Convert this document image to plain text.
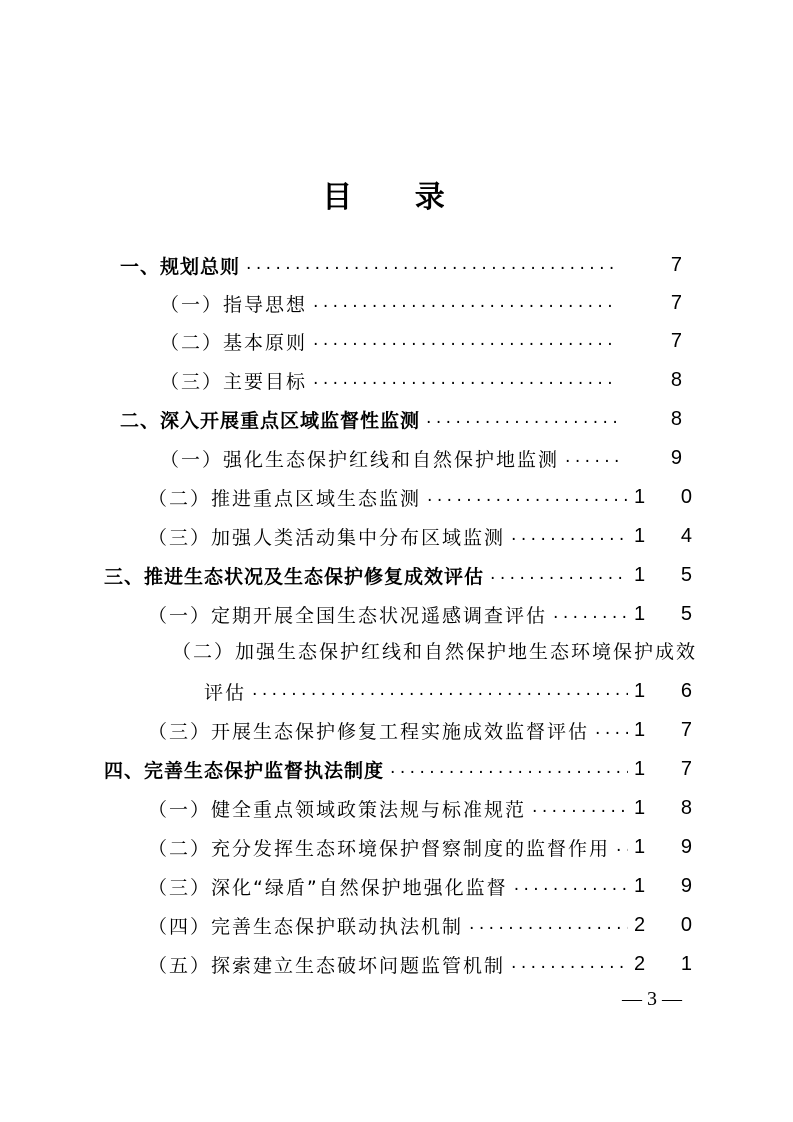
目 录
一、规划总则 . . .	7
（一）指导思想 . . .	7
（二）基本原则 . . .	7
（三）主要目标 . . .	8
二、深入开展重点区域监督性监测 . . .	8
（一）强化生态保护红线和自然保护地监测 . . .	9
（二）推进重点区域生态监测 . . .	1 0
（三）加强人类活动集中分布区域监测 . . .	1 4
三、推进生态状况及生态保护修复成效评估 . . .	1 5
（一）定期开展全国生态状况遥感调查评估 . . .	1 5
（二）加强生态保护红线和自然保护地生态环境保护成效
评估 . . .	1 6
（三）开展生态保护修复工程实施成效监督评估 . . . 1 7
四、完善生态保护监督执法制度 . . .	1 7
（一）健全重点领域政策法规与标准规范 . . .	1 8
（二）充分发挥生态环境保护督察制度的监督作用 . . . 1 9
（三）深化“绿盾”自然保护地强化监督 . . .	1 9
（四）完善生态保护联动执法机制 . . .	2 0
（五）探索建立生态破坏问题监管机制 . . .	2 1
— 3 —
